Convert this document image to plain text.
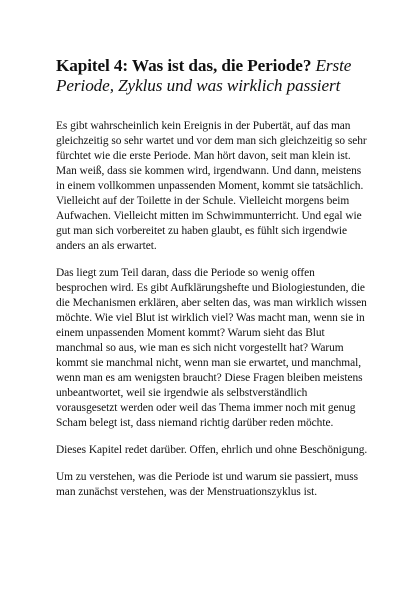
Kapitel 4: Was ist das, die Periode? Erste Periode, Zyklus und was wirklich passiert

Es gibt wahrscheinlich kein Ereignis in der Pubertät, auf das man gleichzeitig so sehr wartet und vor dem man sich gleichzeitig so sehr fürchtet wie die erste Periode. Man hört davon, seit man klein ist. Man weiß, dass sie kommen wird, irgendwann. Und dann, meistens in einem vollkommen unpassenden Moment, kommt sie tatsächlich. Vielleicht auf der Toilette in der Schule. Vielleicht morgens beim Aufwachen. Vielleicht mitten im Schwimmunterricht. Und egal wie gut man sich vorbereitet zu haben glaubt, es fühlt sich irgendwie anders an als erwartet.

Das liegt zum Teil daran, dass die Periode so wenig offen besprochen wird. Es gibt Aufklärungshefte und Biologiestunden, die die Mechanismen erklären, aber selten das, was man wirklich wissen möchte. Wie viel Blut ist wirklich viel? Was macht man, wenn sie in einem unpassenden Moment kommt? Warum sieht das Blut manchmal so aus, wie man es sich nicht vorgestellt hat? Warum kommt sie manchmal nicht, wenn man sie erwartet, und manchmal, wenn man es am wenigsten braucht? Diese Fragen bleiben meistens unbeantwortet, weil sie irgendwie als selbstverständlich vorausgesetzt werden oder weil das Thema immer noch mit genug Scham belegt ist, dass niemand richtig darüber reden möchte.

Dieses Kapitel redet darüber. Offen, ehrlich und ohne Beschönigung.

Um zu verstehen, was die Periode ist und warum sie passiert, muss man zunächst verstehen, was der Menstruationszyklus ist.
